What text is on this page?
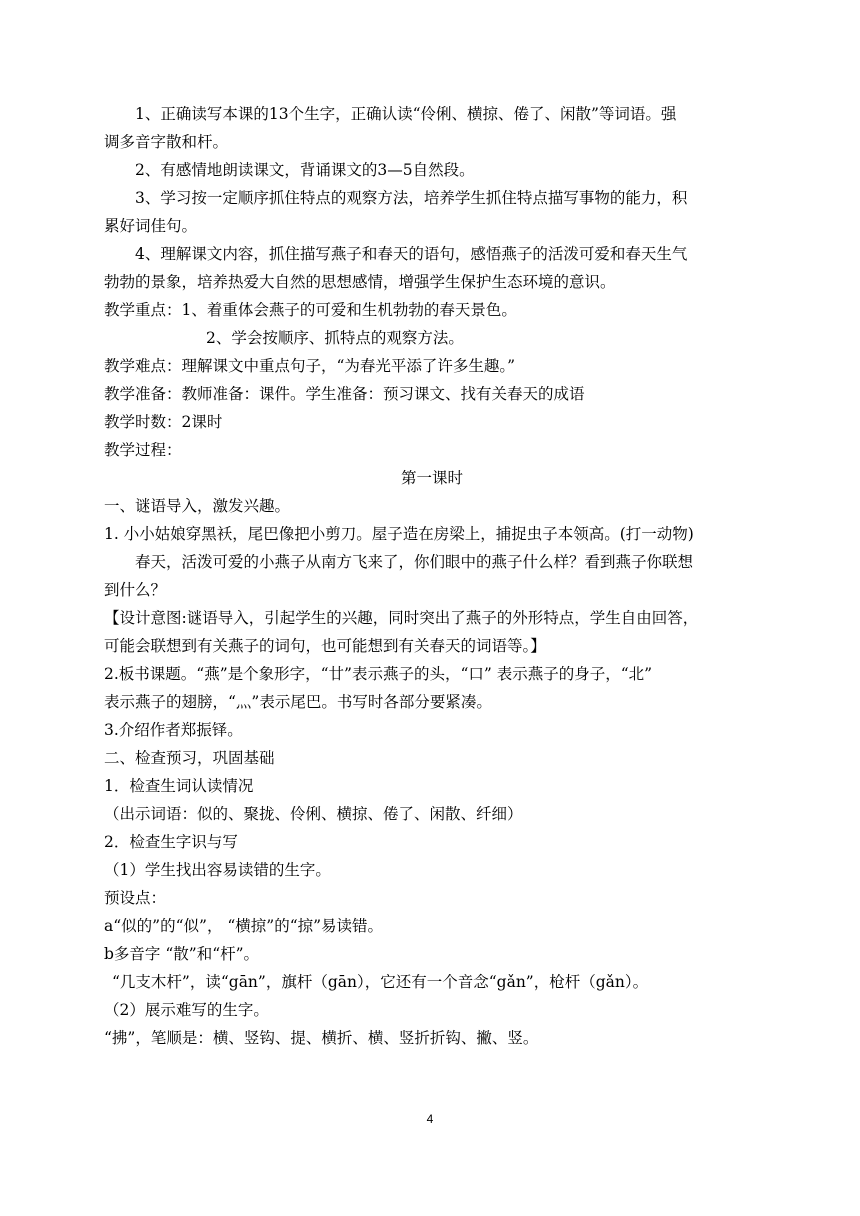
1、正确读写本课的13个生字，正确认读“伶俐、横掠、倦了、闲散”等词语。强
调多音字散和杆。
2、有感情地朗读课文，背诵课文的3—5自然段。
3、学习按一定顺序抓住特点的观察方法，培养学生抓住特点描写事物的能力，积
累好词佳句。
4、理解课文内容，抓住描写燕子和春天的语句，感悟燕子的活泼可爱和春天生气
勃勃的景象，培养热爱大自然的思想感情，增强学生保护生态环境的意识。
教学重点：1、着重体会燕子的可爱和生机勃勃的春天景色。
2、学会按顺序、抓特点的观察方法。
教学难点：理解课文中重点句子，“为春光平添了许多生趣。”
教学准备：教师准备：课件。学生准备：预习课文、找有关春天的成语
教学时数：2课时
教学过程：
第一课时
一、谜语导入，激发兴趣。
1. 小小姑娘穿黑袄，尾巴像把小剪刀。屋子造在房梁上，捕捉虫子本领高。(打一动物)
春天，活泼可爱的小燕子从南方飞来了，你们眼中的燕子什么样？看到燕子你联想
到什么？
【设计意图:谜语导入，引起学生的兴趣，同时突出了燕子的外形特点，学生自由回答，
可能会联想到有关燕子的词句，也可能想到有关春天的词语等。】
2.板书课题。“燕”是个象形字，“廿”表示燕子的头，“口” 表示燕子的身子，“北”
表示燕子的翅膀，“灬”表示尾巴。书写时各部分要紧凑。
3.介绍作者郑振铎。
二、检查预习，巩固基础
1．检查生词认读情况
（出示词语：似的、聚拢、伶俐、横掠、倦了、闲散、纤细）
2．检查生字识与写
（1）学生找出容易读错的生字。
预设点：
a“似的”的“似”， “横掠”的“掠”易读错。
b多音字 “散”和“杆”。
“几支木杆”，读“gān”，旗杆（gān），它还有一个音念“gǎn”，枪杆（gǎn）。
（2）展示难写的生字。
“拂”，笔顺是：横、竖钩、提、横折、横、竖折折钩、撇、竖。
4
